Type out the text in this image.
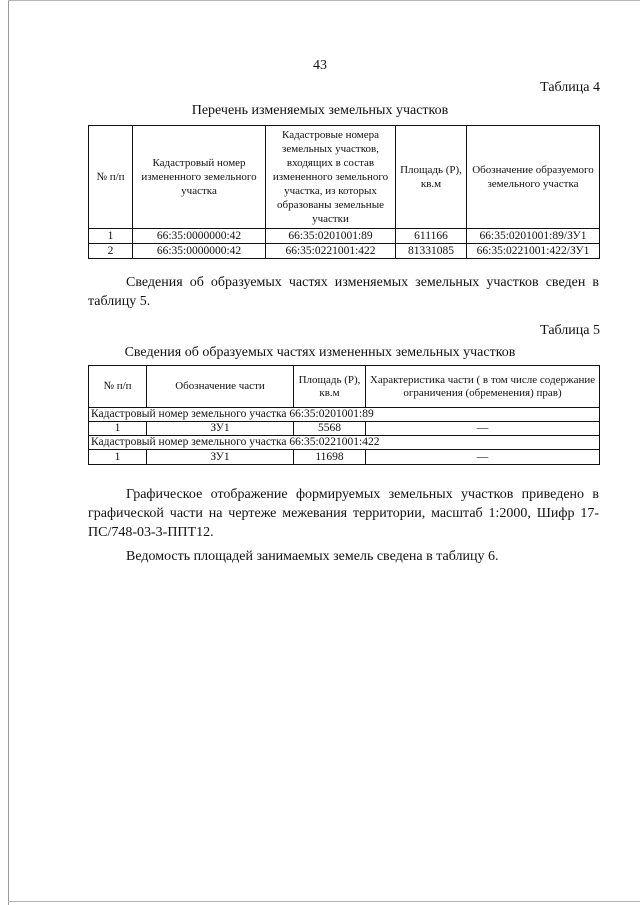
43

Таблица 4

Перечень изменяемых земельных участков

№ п/п	Кадастровый номер измененного земельного участка	Кадастровые номера земельных участков, входящих в состав измененного земельного участка, из которых образованы земельные участки	Площадь (Р), кв.м	Обозначение образуемого земельного участка
1	66:35:0000000:42	66:35:0201001:89	611166	66:35:0201001:89/ЗУ1
2	66:35:0000000:42	66:35:0221001:422	81331085	66:35:0221001:422/ЗУ1

Сведения об образуемых частях изменяемых земельных участков сведен в таблицу 5.

Таблица 5

Сведения об образуемых частях измененных земельных участков

№ п/п	Обозначение части	Площадь (Р), кв.м	Характеристика части ( в том числе содержание ограничения (обременения) прав)
Кадастровый номер земельного участка 66:35:0201001:89			
1	ЗУ1	5568	—
Кадастровый номер земельного участка 66:35:0221001:422			
1	ЗУ1	11698	—

Графическое отображение формируемых земельных участков приведено в графической части на чертеже межевания территории, масштаб 1:2000, Шифр 17-ПС/748-03-3-ППТ12.

Ведомость площадей занимаемых земель сведена в таблицу 6.
